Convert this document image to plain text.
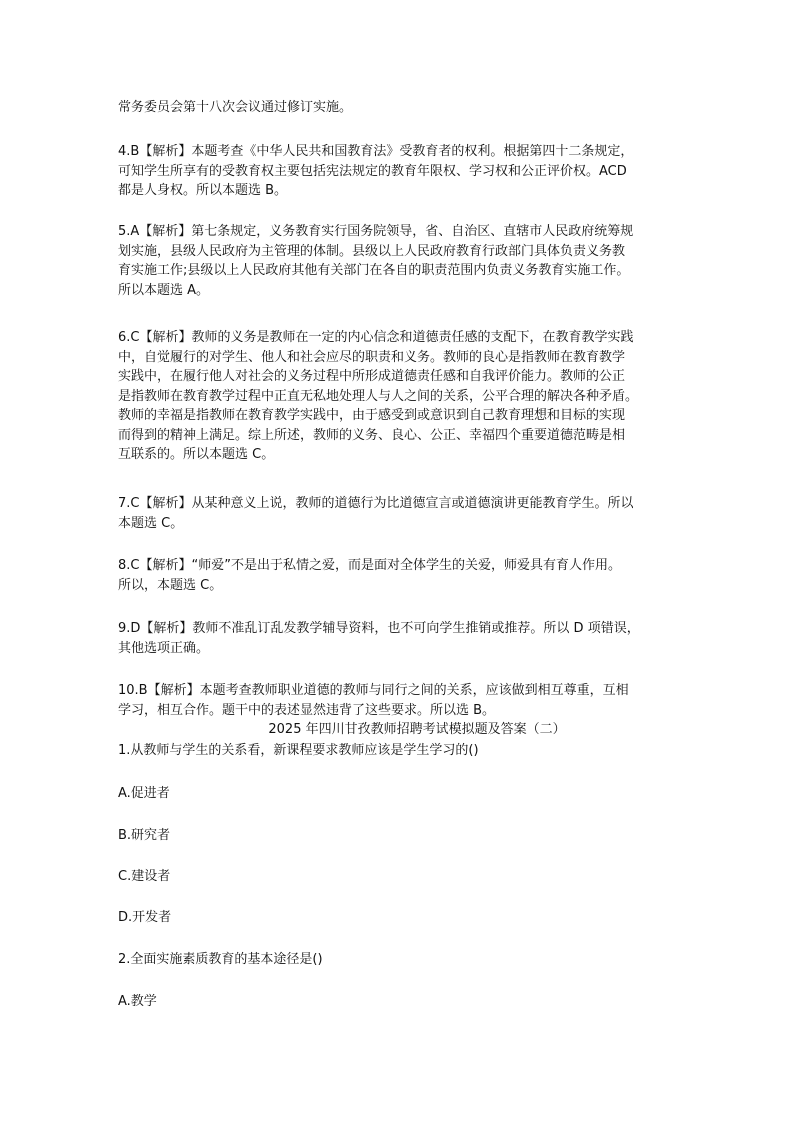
常务委员会第十八次会议通过修订实施。
4.B【解析】本题考查《中华人民共和国教育法》受教育者的权利。根据第四十二条规定，
可知学生所享有的受教育权主要包括宪法规定的教育年限权、学习权和公正评价权。ACD
都是人身权。所以本题选 B。
5.A【解析】第七条规定，义务教育实行国务院领导，省、自治区、直辖市人民政府统筹规
划实施，县级人民政府为主管理的体制。县级以上人民政府教育行政部门具体负责义务教
育实施工作;县级以上人民政府其他有关部门在各自的职责范围内负责义务教育实施工作。
所以本题选 A。
6.C【解析】教师的义务是教师在一定的内心信念和道德责任感的支配下，在教育教学实践
中，自觉履行的对学生、他人和社会应尽的职责和义务。教师的良心是指教师在教育教学
实践中，在履行他人对社会的义务过程中所形成道德责任感和自我评价能力。教师的公正
是指教师在教育教学过程中正直无私地处理人与人之间的关系，公平合理的解决各种矛盾。
教师的幸福是指教师在教育教学实践中，由于感受到或意识到自己教育理想和目标的实现
而得到的精神上满足。综上所述，教师的义务、良心、公正、幸福四个重要道德范畴是相
互联系的。所以本题选 C。
7.C【解析】从某种意义上说，教师的道德行为比道德宣言或道德演讲更能教育学生。所以
本题选 C。
8.C【解析】“师爱”不是出于私情之爱，而是面对全体学生的关爱，师爱具有育人作用。
所以，本题选 C。
9.D【解析】教师不准乱订乱发教学辅导资料，也不可向学生推销或推荐。所以 D 项错误，
其他选项正确。
10.B【解析】本题考查教师职业道德的教师与同行之间的关系，应该做到相互尊重，互相
学习，相互合作。题干中的表述显然违背了这些要求。所以选 B。
2025 年四川甘孜教师招聘考试模拟题及答案（二）
1.从教师与学生的关系看，新课程要求教师应该是学生学习的()
A.促进者
B.研究者
C.建设者
D.开发者
2.全面实施素质教育的基本途径是()
A.教学
